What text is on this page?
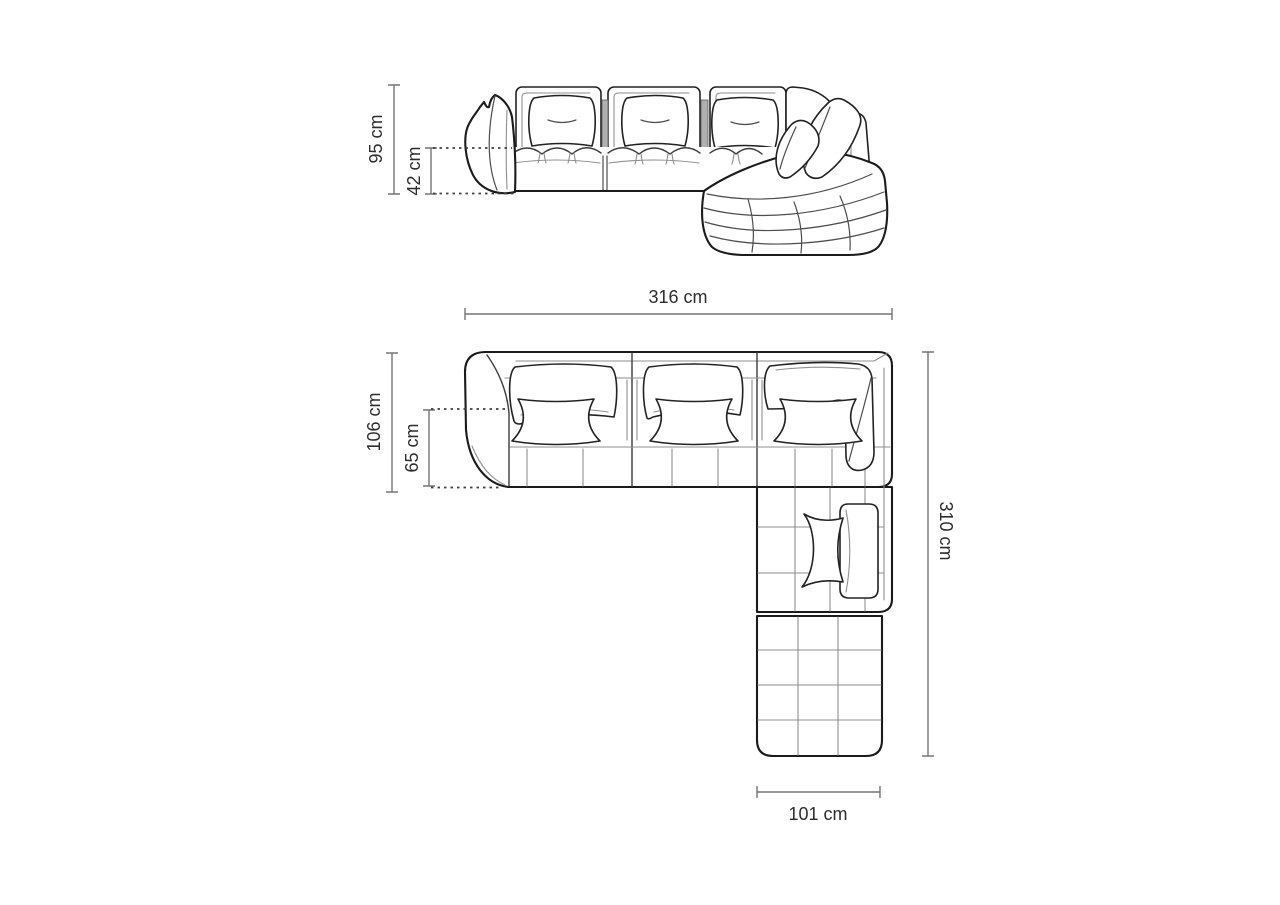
95 cm
42 cm
316 cm
106 cm 65 cm
310 cm
101 cm
